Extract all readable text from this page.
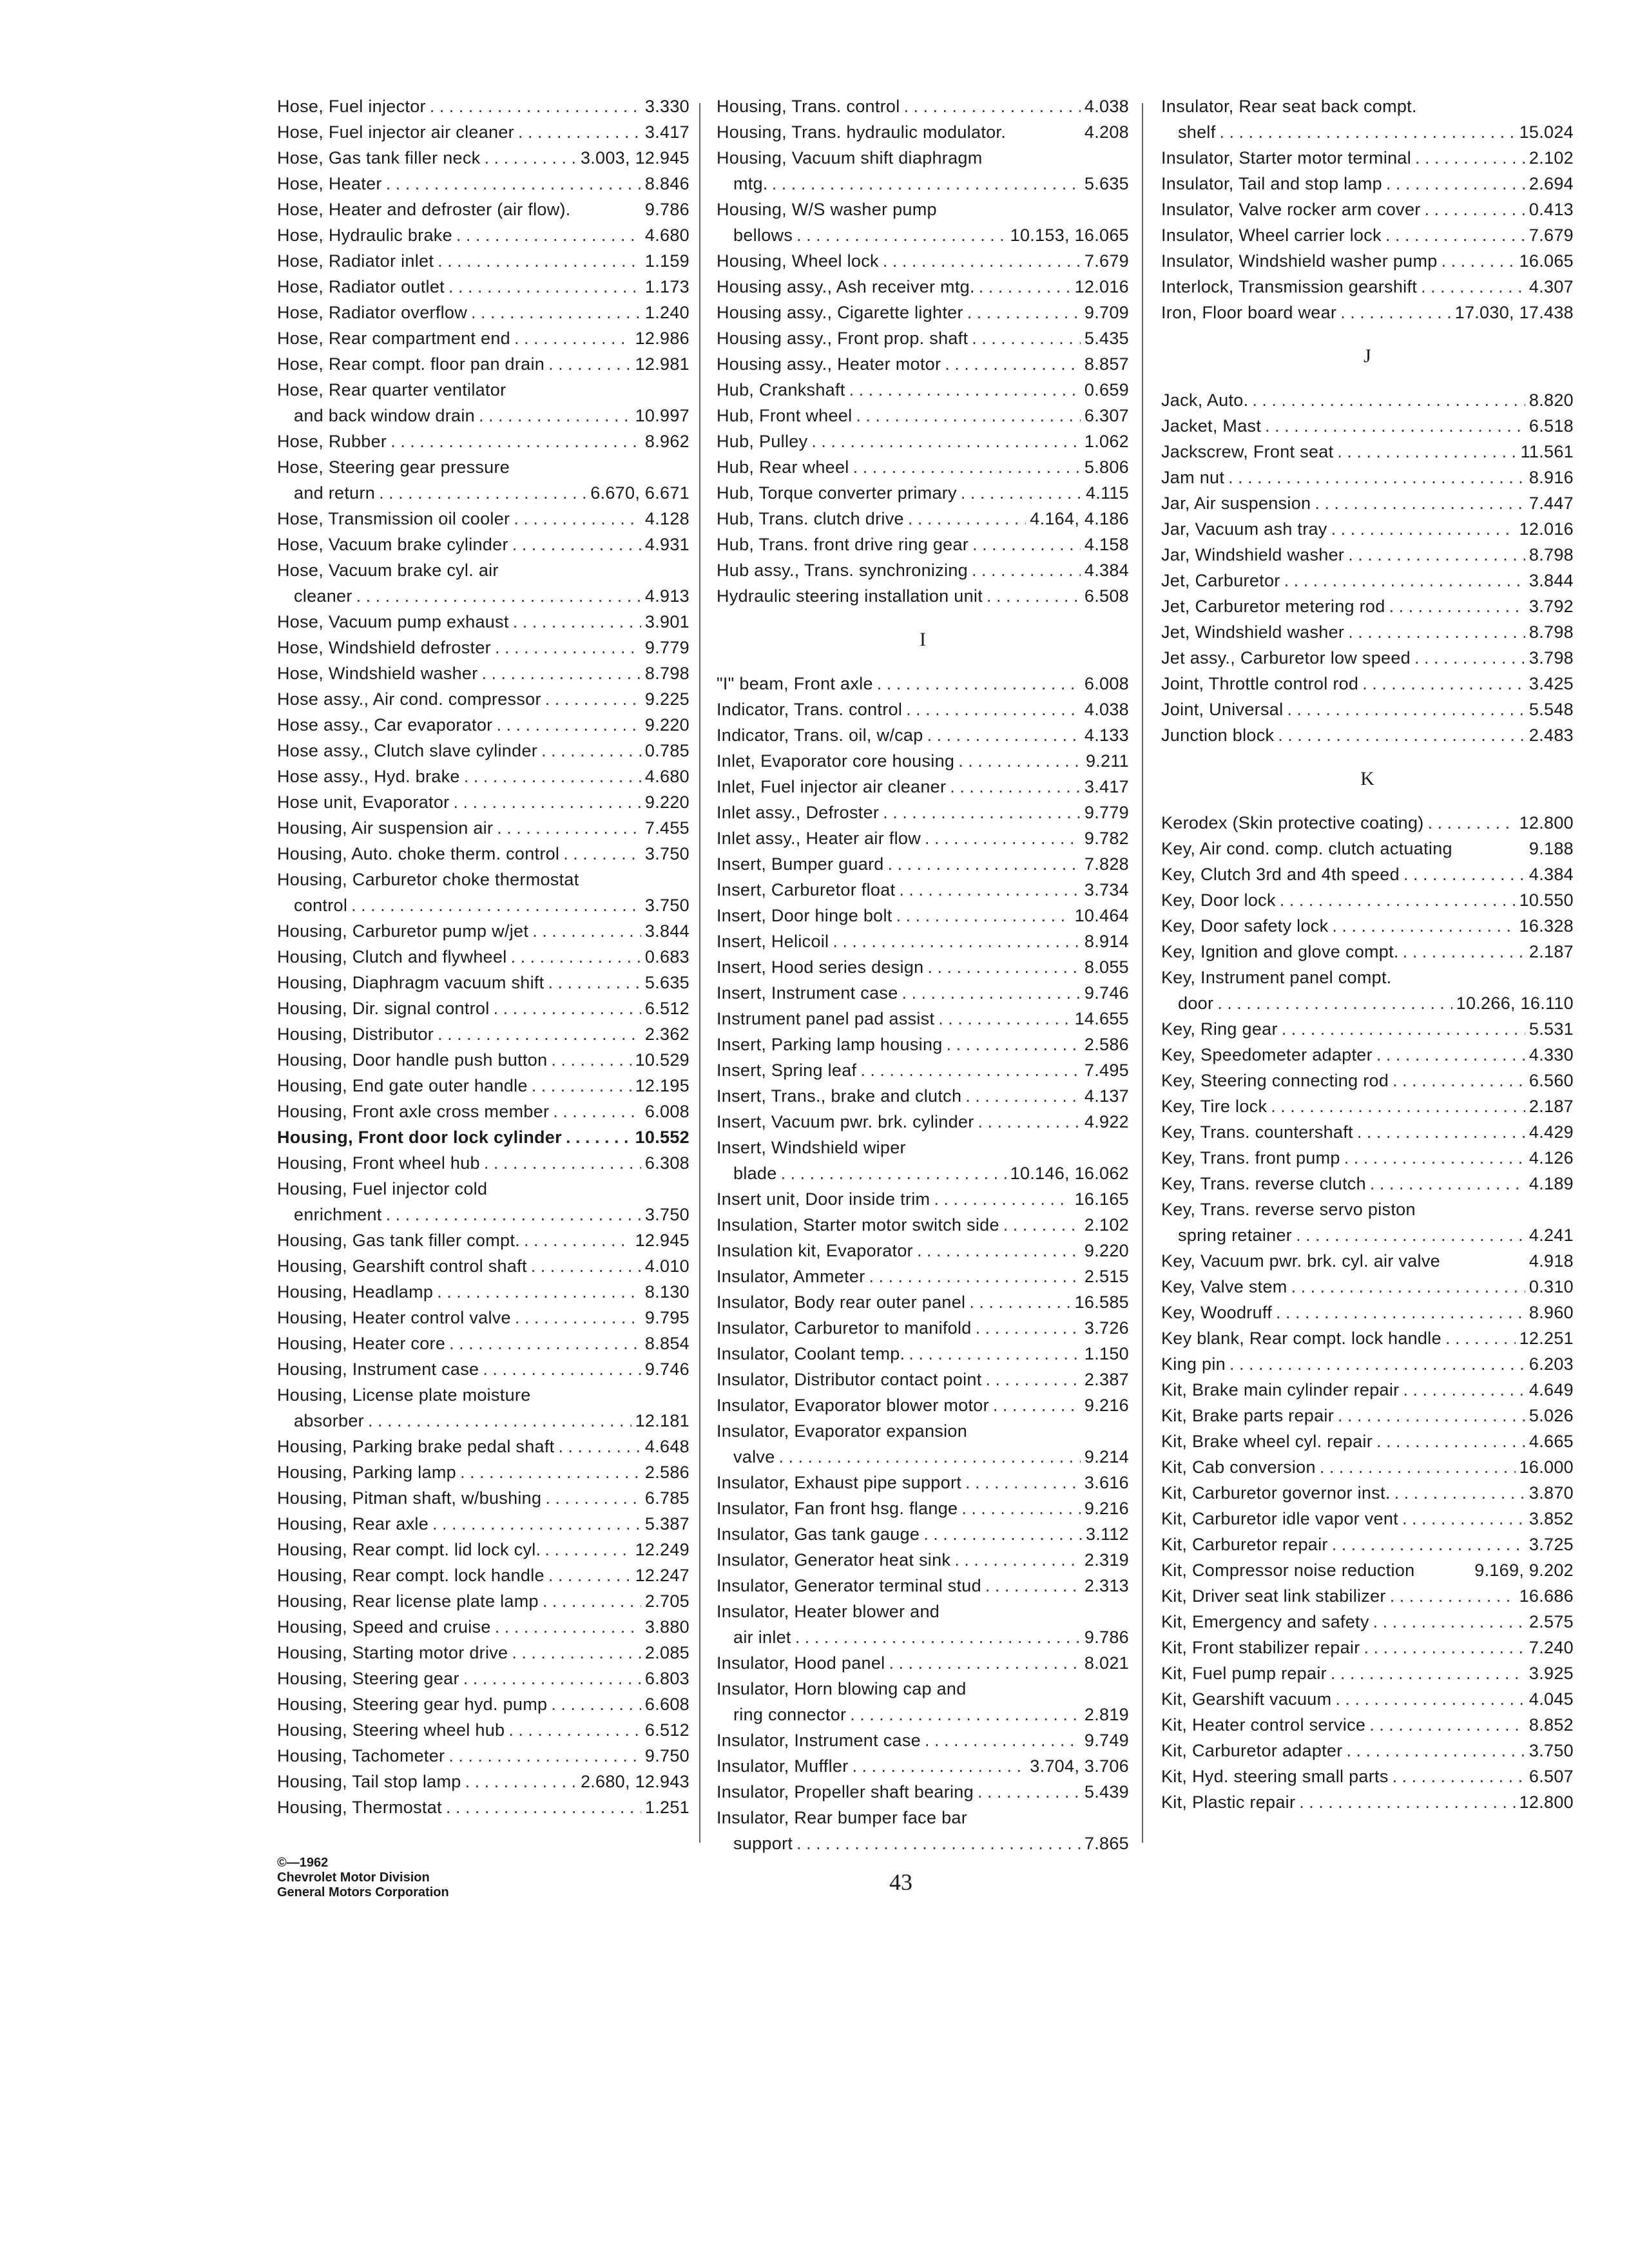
Hose, Fuel injector . . .	3.330
Hose, Fuel injector air cleaner . . .	3.417
Hose, Gas tank filler neck . . .	3.003, 12.945
Hose, Heater . . .	8.846
Hose, Heater and defroster (air flow).	9.786
Hose, Hydraulic brake . . .	4.680
Hose, Radiator inlet . . .	1.159
Hose, Radiator outlet . . .	1.173
Hose, Radiator overflow . . .	1.240
Hose, Rear compartment end . . .	12.986
Hose, Rear compt. floor pan drain . . .	12.981
Hose, Rear quarter ventilator
and back window drain . . .	10.997
Hose, Rubber . . .	8.962
Hose, Steering gear pressure
and return . . .	6.670, 6.671
Hose, Transmission oil cooler . . .	4.128
Hose, Vacuum brake cylinder . . .	4.931
Hose, Vacuum brake cyl. air
cleaner . . .	4.913
Hose, Vacuum pump exhaust . . .	3.901
Hose, Windshield defroster . . .	9.779
Hose, Windshield washer . . .	8.798
Hose assy., Air cond. compressor . . .	9.225
Hose assy., Car evaporator . . .	9.220
Hose assy., Clutch slave cylinder . . .	0.785
Hose assy., Hyd. brake . . .	4.680
Hose unit, Evaporator . . .	9.220
Housing, Air suspension air . . .	7.455
Housing, Auto. choke therm. control . . .	3.750
Housing, Carburetor choke thermostat
control . . .	3.750
Housing, Carburetor pump w/jet . . .	3.844
Housing, Clutch and flywheel . . .	0.683
Housing, Diaphragm vacuum shift . . .	5.635
Housing, Dir. signal control . . .	6.512
Housing, Distributor . . .	2.362
Housing, Door handle push button . . .	10.529
Housing, End gate outer handle . . .	12.195
Housing, Front axle cross member . . .	6.008
Housing, Front door lock cylinder . . .	10.552
Housing, Front wheel hub . . .	6.308
Housing, Fuel injector cold
enrichment . . .	3.750
Housing, Gas tank filler compt. . . .	12.945
Housing, Gearshift control shaft . . .	4.010
Housing, Headlamp . . .	8.130
Housing, Heater control valve . . .	9.795
Housing, Heater core . . .	8.854
Housing, Instrument case . . .	9.746
Housing, License plate moisture
absorber . . .	12.181
Housing, Parking brake pedal shaft . . .	4.648
Housing, Parking lamp . . .	2.586
Housing, Pitman shaft, w/bushing . . .	6.785
Housing, Rear axle . . .	5.387
Housing, Rear compt. lid lock cyl. . . .	12.249
Housing, Rear compt. lock handle . . .	12.247
Housing, Rear license plate lamp . . .	2.705
Housing, Speed and cruise . . .	3.880
Housing, Starting motor drive . . .	2.085
Housing, Steering gear . . .	6.803
Housing, Steering gear hyd. pump . . .	6.608
Housing, Steering wheel hub . . .	6.512
Housing, Tachometer . . .	9.750
Housing, Tail stop lamp . . .	2.680, 12.943
Housing, Thermostat . . .	1.251
Housing, Trans. control . . .	4.038
Housing, Trans. hydraulic modulator.	4.208
Housing, Vacuum shift diaphragm
mtg. . . .	5.635
Housing, W/S washer pump
bellows . . .	10.153, 16.065
Housing, Wheel lock . . .	7.679
Housing assy., Ash receiver mtg. . . .	12.016
Housing assy., Cigarette lighter . . .	9.709
Housing assy., Front prop. shaft . . .	5.435
Housing assy., Heater motor . . .	8.857
Hub, Crankshaft . . .	0.659
Hub, Front wheel . . .	6.307
Hub, Pulley . . .	1.062
Hub, Rear wheel . . .	5.806
Hub, Torque converter primary . . .	4.115
Hub, Trans. clutch drive . . .	4.164, 4.186
Hub, Trans. front drive ring gear . . .	4.158
Hub assy., Trans. synchronizing . . .	4.384
Hydraulic steering installation unit . . .	6.508
I
"I" beam, Front axle . . .	6.008
Indicator, Trans. control . . .	4.038
Indicator, Trans. oil, w/cap . . .	4.133
Inlet, Evaporator core housing . . .	9.211
Inlet, Fuel injector air cleaner . . .	3.417
Inlet assy., Defroster . . .	9.779
Inlet assy., Heater air flow . . .	9.782
Insert, Bumper guard . . .	7.828
Insert, Carburetor float . . .	3.734
Insert, Door hinge bolt . . .	10.464
Insert, Helicoil . . .	8.914
Insert, Hood series design . . .	8.055
Insert, Instrument case . . .	9.746
Instrument panel pad assist . . .	14.655
Insert, Parking lamp housing . . .	2.586
Insert, Spring leaf . . .	7.495
Insert, Trans., brake and clutch . . .	4.137
Insert, Vacuum pwr. brk. cylinder . . .	4.922
Insert, Windshield wiper
blade . . .	10.146, 16.062
Insert unit, Door inside trim . . .	16.165
Insulation, Starter motor switch side . . .	2.102
Insulation kit, Evaporator . . .	9.220
Insulator, Ammeter . . .	2.515
Insulator, Body rear outer panel . . .	16.585
Insulator, Carburetor to manifold . . .	3.726
Insulator, Coolant temp. . . .	1.150
Insulator, Distributor contact point . . .	2.387
Insulator, Evaporator blower motor . . .	9.216
Insulator, Evaporator expansion
valve . . .	9.214
Insulator, Exhaust pipe support . . .	3.616
Insulator, Fan front hsg. flange . . .	9.216
Insulator, Gas tank gauge . . .	3.112
Insulator, Generator heat sink . . .	2.319
Insulator, Generator terminal stud . . .	2.313
Insulator, Heater blower and
air inlet . . .	9.786
Insulator, Hood panel . . .	8.021
Insulator, Horn blowing cap and
ring connector . . .	2.819
Insulator, Instrument case . . .	9.749
Insulator, Muffler . . .	3.704, 3.706
Insulator, Propeller shaft bearing . . .	5.439
Insulator, Rear bumper face bar
support . . .	7.865
Insulator, Rear seat back compt.
shelf . . .	15.024
Insulator, Starter motor terminal . . .	2.102
Insulator, Tail and stop lamp . . .	2.694
Insulator, Valve rocker arm cover . . .	0.413
Insulator, Wheel carrier lock . . .	7.679
Insulator, Windshield washer pump . . .	16.065
Interlock, Transmission gearshift . . .	4.307
Iron, Floor board wear . . .	17.030, 17.438
J
Jack, Auto. . . .	8.820
Jacket, Mast . . .	6.518
Jackscrew, Front seat . . .	11.561
Jam nut . . .	8.916
Jar, Air suspension . . .	7.447
Jar, Vacuum ash tray . . .	12.016
Jar, Windshield washer . . .	8.798
Jet, Carburetor . . .	3.844
Jet, Carburetor metering rod . . .	3.792
Jet, Windshield washer . . .	8.798
Jet assy., Carburetor low speed . . .	3.798
Joint, Throttle control rod . . .	3.425
Joint, Universal . . .	5.548
Junction block . . .	2.483
K
Kerodex (Skin protective coating) . . .	12.800
Key, Air cond. comp. clutch actuating	9.188
Key, Clutch 3rd and 4th speed . . .	4.384
Key, Door lock . . .	10.550
Key, Door safety lock . . .	16.328
Key, Ignition and glove compt. . . .	2.187
Key, Instrument panel compt.
door . . .	10.266, 16.110
Key, Ring gear . . .	5.531
Key, Speedometer adapter . . .	4.330
Key, Steering connecting rod . . .	6.560
Key, Tire lock . . .	2.187
Key, Trans. countershaft . . .	4.429
Key, Trans. front pump . . .	4.126
Key, Trans. reverse clutch . . .	4.189
Key, Trans. reverse servo piston
spring retainer . . .	4.241
Key, Vacuum pwr. brk. cyl. air valve	4.918
Key, Valve stem . . .	0.310
Key, Woodruff . . .	8.960
Key blank, Rear compt. lock handle . . .	12.251
King pin . . .	6.203
Kit, Brake main cylinder repair . . .	4.649
Kit, Brake parts repair . . .	5.026
Kit, Brake wheel cyl. repair . . .	4.665
Kit, Cab conversion . . .	16.000
Kit, Carburetor governor inst. . . .	3.870
Kit, Carburetor idle vapor vent . . .	3.852
Kit, Carburetor repair . . .	3.725
Kit, Compressor noise reduction	9.169, 9.202
Kit, Driver seat link stabilizer . . .	16.686
Kit, Emergency and safety . . .	2.575
Kit, Front stabilizer repair . . .	7.240
Kit, Fuel pump repair . . .	3.925
Kit, Gearshift vacuum . . .	4.045
Kit, Heater control service . . .	8.852
Kit, Carburetor adapter . . .	3.750
Kit, Hyd. steering small parts . . .	6.507
Kit, Plastic repair . . .	12.800
©—1962
Chevrolet Motor Division
General Motors Corporation	43
